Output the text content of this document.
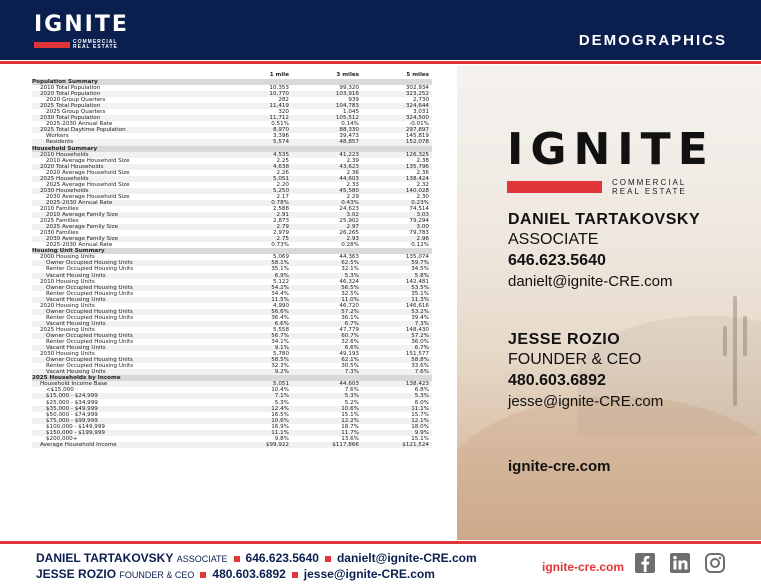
IGNITE
COMMERCIAL REAL ESTATE	DEMOGRAPHICS
	1 mile	3 miles	5 miles
Population Summary			
2010 Total Population	10,353	99,320	302,934
2020 Total Population	10,770	103,916	323,252
2020 Group Quarters	282	939	2,730
2025 Total Population	11,419	104,783	324,644
2025 Group Quarters	320	1,045	3,031
2030 Total Population	11,712	105,512	324,500
2025-2030 Annual Rate	0.51%	0.14%	-0.01%
2025 Total Daytime Population	8,970	88,330	297,897
Workers	3,396	39,473	145,819
Residents	5,574	48,857	152,078
Household Summary			
2010 Households	4,535	41,223	126,325
2010 Average Household Size	2.25	2.39	2.38
2020 Total Households	4,638	43,623	135,796
2020 Average Household Size	2.26	2.36	2.36
2025 Households	5,051	44,603	138,424
2025 Average Household Size	2.20	2.33	2.32
2030 Households	5,250	45,580	140,028
2030 Average Household Size	2.17	2.29	2.30
2025-2030 Annual Rate	0.78%	0.43%	0.23%
2010 Families	2,588	24,623	74,514
2010 Average Family Size	2.91	3.02	3.03
2025 Families	2,873	25,902	79,294
2025 Average Family Size	2.79	2.97	3.00
2030 Families	2,979	26,265	79,783
2030 Average Family Size	2.75	2.93	2.96
2025-2030 Annual Rate	0.73%	0.28%	0.12%
Housing Unit Summary			
2000 Housing Units	5,069	44,363	135,074
Owner Occupied Housing Units	58.1%	62.5%	59.7%
Renter Occupied Housing Units	35.1%	32.1%	34.5%
Vacant Housing Units	6.9%	5.3%	5.8%
2010 Housing Units	5,122	46,324	142,481
Owner Occupied Housing Units	54.2%	56.5%	53.5%
Renter Occupied Housing Units	34.4%	32.5%	35.1%
Vacant Housing Units	11.5%	11.0%	11.3%
2020 Housing Units	4,990	46,720	146,616
Owner Occupied Housing Units	56.6%	57.2%	53.2%
Renter Occupied Housing Units	36.4%	36.1%	39.4%
Vacant Housing Units	6.6%	6.7%	7.3%
2025 Housing Units	5,558	47,779	148,430
Owner Occupied Housing Units	56.7%	60.7%	57.2%
Renter Occupied Housing Units	34.1%	32.6%	36.0%
Vacant Housing Units	9.1%	6.6%	6.7%
2030 Housing Units	5,780	49,193	151,577
Owner Occupied Housing Units	58.5%	62.1%	58.8%
Renter Occupied Housing Units	32.3%	30.5%	33.6%
Vacant Housing Units	9.2%	7.3%	7.6%
2025 Households by Income			
Household Income Base	5,051	44,603	138,423
<$15,000	10.4%	7.6%	6.8%
$15,000 - $24,999	7.1%	5.3%	5.3%
$25,000 - $34,999	5.3%	5.2%	6.0%
$35,000 - $49,999	12.4%	10.6%	11.1%
$50,000 - $74,999	16.5%	15.1%	15.7%
$75,000 - $99,999	10.6%	12.2%	12.1%
$100,000 - $149,999	16.9%	18.7%	18.0%
$150,000 - $199,999	11.1%	11.7%	9.9%
$200,000+	9.8%	13.6%	15.1%
Average Household Income	$99,922	$117,866	$121,524
IGNITE
COMMERCIAL
REAL ESTATE
DANIEL TARTAKOVSKY
ASSOCIATE
646.623.5640
danielt@ignite-CRE.com
JESSE ROZIO
FOUNDER & CEO
480.603.6892
jesse@ignite-CRE.com
ignite-cre.com
DANIEL TARTAKOVSKY ASSOCIATE 646.623.5640 danielt@ignite-CRE.com
JESSE ROZIO FOUNDER & CEO 480.603.6892 jesse@ignite-CRE.com	ignite-cre.com
